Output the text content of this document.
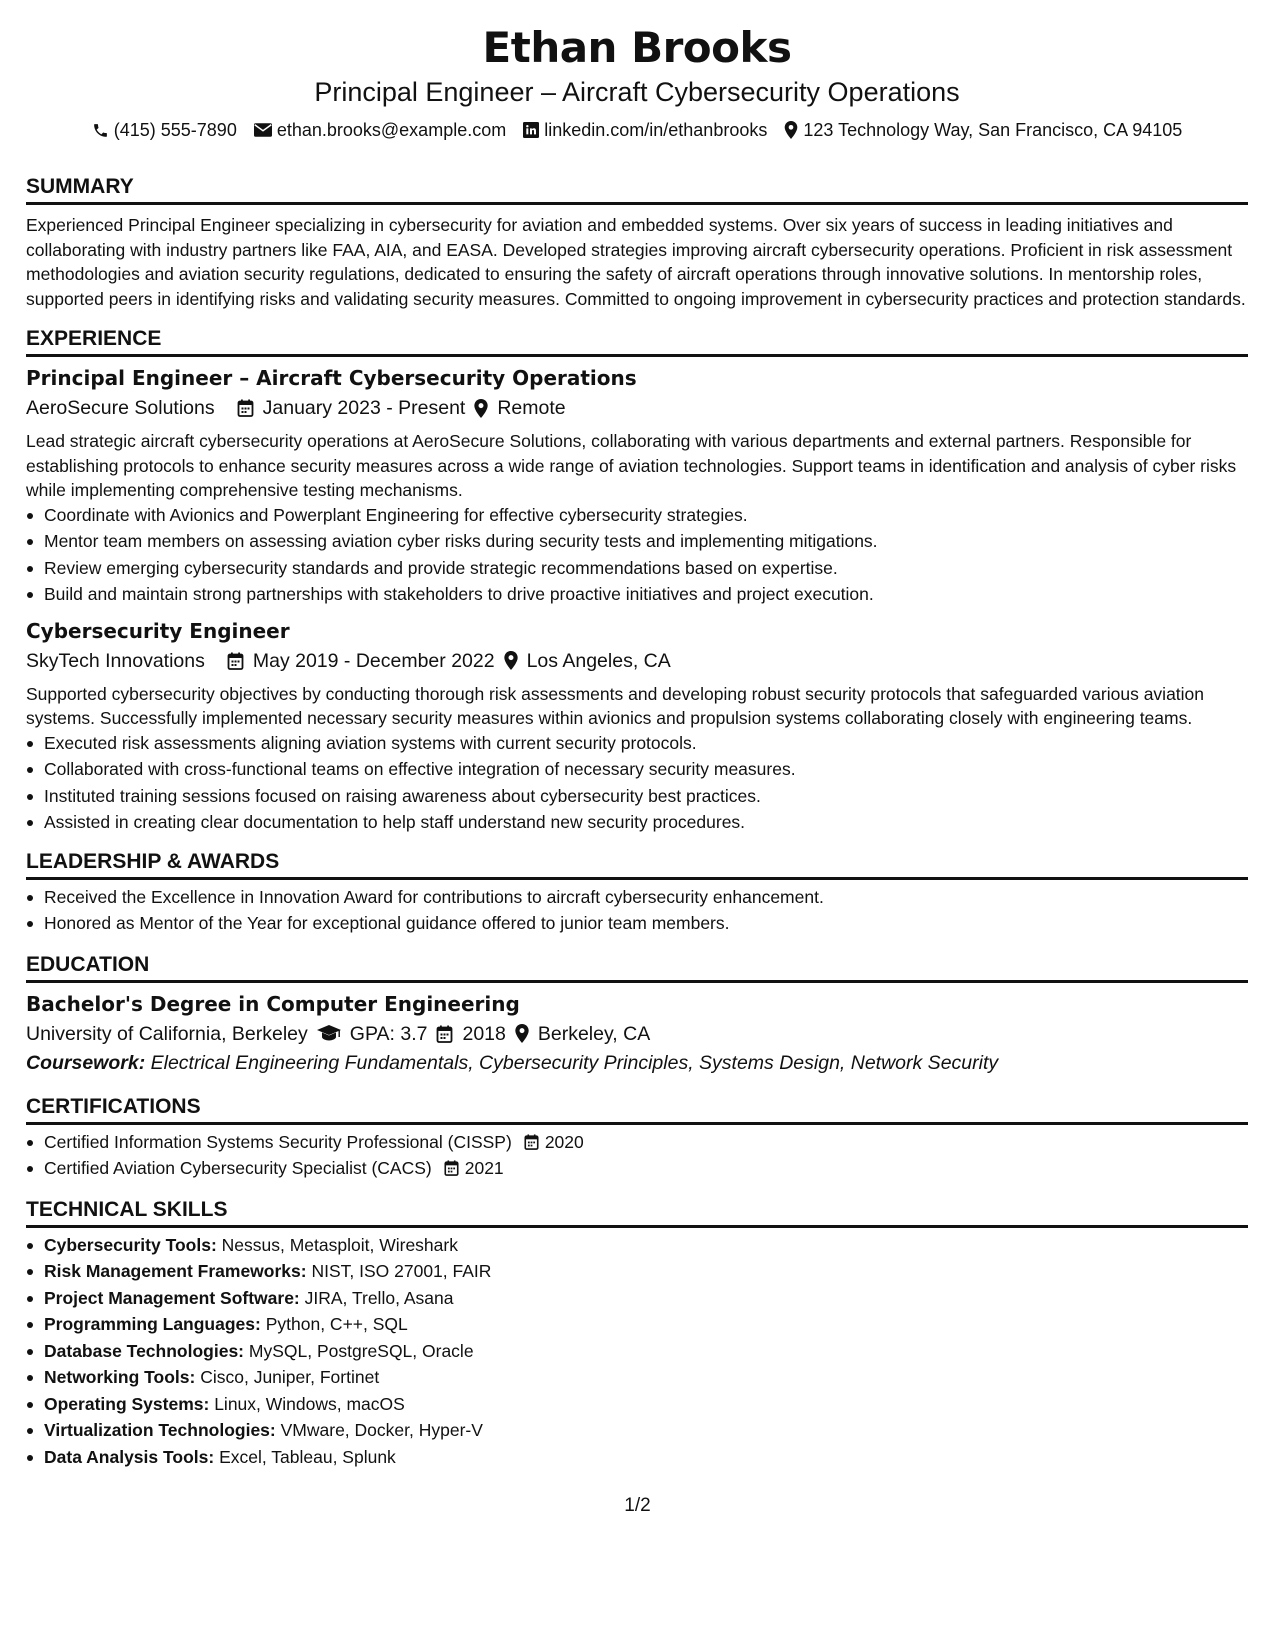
Ethan Brooks
Principal Engineer – Aircraft Cybersecurity Operations
(415) 555-7890 ethan.brooks@example.com linkedin.com/in/ethanbrooks 123 Technology Way, San Francisco, CA 94105
SUMMARY

Experienced Principal Engineer specializing in cybersecurity for aviation and embedded systems. Over six years of success in leading initiatives and collaborating with industry partners like FAA, AIA, and EASA. Developed strategies improving aircraft cybersecurity operations. Proficient in risk assessment methodologies and aviation security regulations, dedicated to ensuring the safety of aircraft operations through innovative solutions. In mentorship roles, supported peers in identifying risks and validating security measures. Committed to ongoing improvement in cybersecurity practices and protection standards.

EXPERIENCE
Principal Engineer – Aircraft Cybersecurity Operations
AeroSecure Solutions January 2023 - Present Remote

Lead strategic aircraft cybersecurity operations at AeroSecure Solutions, collaborating with various departments and external partners. Responsible for establishing protocols to enhance security measures across a wide range of aviation technologies. Support teams in identification and analysis of cyber risks while implementing comprehensive testing mechanisms.

Coordinate with Avionics and Powerplant Engineering for effective cybersecurity strategies.
Mentor team members on assessing aviation cyber risks during security tests and implementing mitigations.
Review emerging cybersecurity standards and provide strategic recommendations based on expertise.
Build and maintain strong partnerships with stakeholders to drive proactive initiatives and project execution.
Cybersecurity Engineer
SkyTech Innovations May 2019 - December 2022 Los Angeles, CA

Supported cybersecurity objectives by conducting thorough risk assessments and developing robust security protocols that safeguarded various aviation systems. Successfully implemented necessary security measures within avionics and propulsion systems collaborating closely with engineering teams.

Executed risk assessments aligning aviation systems with current security protocols.
Collaborated with cross-functional teams on effective integration of necessary security measures.
Instituted training sessions focused on raising awareness about cybersecurity best practices.
Assisted in creating clear documentation to help staff understand new security procedures.
LEADERSHIP & AWARDS
Received the Excellence in Innovation Award for contributions to aircraft cybersecurity enhancement.
Honored as Mentor of the Year for exceptional guidance offered to junior team members.
EDUCATION
Bachelor's Degree in Computer Engineering
University of California, Berkeley GPA: 3.7 2018 Berkeley, CA
Coursework: Electrical Engineering Fundamentals, Cybersecurity Principles, Systems Design, Network Security
CERTIFICATIONS
Certified Information Systems Security Professional (CISSP) 2020
Certified Aviation Cybersecurity Specialist (CACS) 2021
TECHNICAL SKILLS
Cybersecurity Tools: Nessus, Metasploit, Wireshark
Risk Management Frameworks: NIST, ISO 27001, FAIR
Project Management Software: JIRA, Trello, Asana
Programming Languages: Python, C++, SQL
Database Technologies: MySQL, PostgreSQL, Oracle
Networking Tools: Cisco, Juniper, Fortinet
Operating Systems: Linux, Windows, macOS
Virtualization Technologies: VMware, Docker, Hyper-V
Data Analysis Tools: Excel, Tableau, Splunk
1/2
